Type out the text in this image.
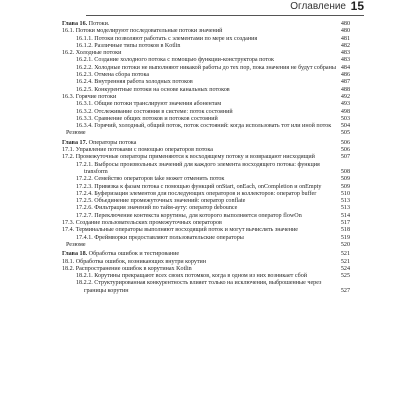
Оглавление 15
Глава 16. Потоки.	480
16.1. Потоки моделируют последовательные потоки значений	480
16.1.1. Потоки позволяют работать с элементами по мере их создания	481
16.1.2. Различные типы потоков в Kotlin	482
16.2. Холодные потоки	483
16.2.1. Создание холодного потока с помощью функции-конструктора поток	483
16.2.2. Холодные потоки не выполняют никакой работы до тех пор, пока значения не будут собраны 484
16.2.3. Отмена сбора потока	486
16.2.4. Внутренняя работа холодных потоков	487
16.2.5. Конкурентные потоки на основе канальных потоков	488
16.3. Горячие потоки	492
16.3.1. Общие потоки транслируют значения абонентам	493
16.3.2. Отслеживание состояния в системе: поток состояний	498
16.3.3. Сравнение общих потоков и потоков состояний	503
16.3.4. Горячий, холодный, общий поток, поток состояний: когда использовать тот или иной поток	504
Резюме	505
Глава 17. Операторы потока	506
17.1. Управление потоками с помощью операторов потока	506
17.2. Промежуточные операторы применяются к восходящему потоку и возвращают нисходящий	507
17.2.1. Выбросы произвольных значений для каждого элемента восходящего потока: функция transform	508
17.2.2. Семейство операторов take может отменить поток	509
17.2.3. Привязка к фазам потока с помощью функций onStart, onEach, onCompletion и onEmpty	509
17.2.4. Буферизация элементов для последующих операторов и коллекторов: оператор buffer	510
17.2.5. Объединение промежуточных значений: оператор conflate	513
17.2.6. Фильтрация значений по тайм-ауту: оператор debounce	513
17.2.7. Переключение контекста корутины, для которого выполняется оператор flowOn	514
17.3. Создание пользовательских промежуточных операторов	517
17.4. Терминальные операторы выполняют восходящий поток и могут вычислять значение	518
17.4.1. Фреймворки предоставляют пользовательские операторы	519
Резюме	520
Глава 18. Обработка ошибок и тестирование	521
18.1. Обработка ошибок, возникающих внутри корутин	521
18.2. Распространение ошибок в корутинах Kotlin	524
18.2.1. Корутины прекращают всех своих потомков, когда в одном из них возникает сбой	525
18.2.2. Структурированная конкурентность влияет только на исключения, выброшенные через границы корутин	527
